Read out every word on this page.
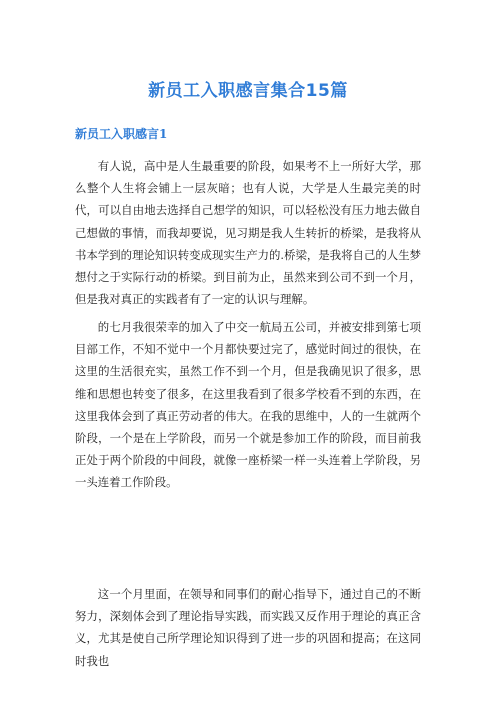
新员工入职感言集合15篇
新员工入职感言1

有人说，高中是人生最重要的阶段，如果考不上一所好大学，那么整个人生将会铺上一层灰暗；也有人说，大学是人生最完美的时代，可以自由地去选择自己想学的知识，可以轻松没有压力地去做自己想做的事情，而我却要说，见习期是我人生转折的桥梁，是我将从书本学到的理论知识转变成现实生产力的.桥梁，是我将自己的人生梦想付之于实际行动的桥梁。到目前为止，虽然来到公司不到一个月，但是我对真正的实践者有了一定的认识与理解。

的七月我很荣幸的加入了中交一航局五公司，并被安排到第七项目部工作，不知不觉中一个月都快要过完了，感觉时间过的很快，在这里的生活很充实，虽然工作不到一个月，但是我确见识了很多，思维和思想也转变了很多，在这里我看到了很多学校看不到的东西，在这里我体会到了真正劳动者的伟大。在我的思维中，人的一生就两个阶段，一个是在上学阶段，而另一个就是参加工作的阶段，而目前我正处于两个阶段的中间段，就像一座桥梁一样一头连着上学阶段，另一头连着工作阶段。

这一个月里面，在领导和同事们的耐心指导下，通过自己的不断努力，深刻体会到了理论指导实践，而实践又反作用于理论的真正含义，尤其是使自己所学理论知识得到了进一步的巩固和提高；在这同时我也
